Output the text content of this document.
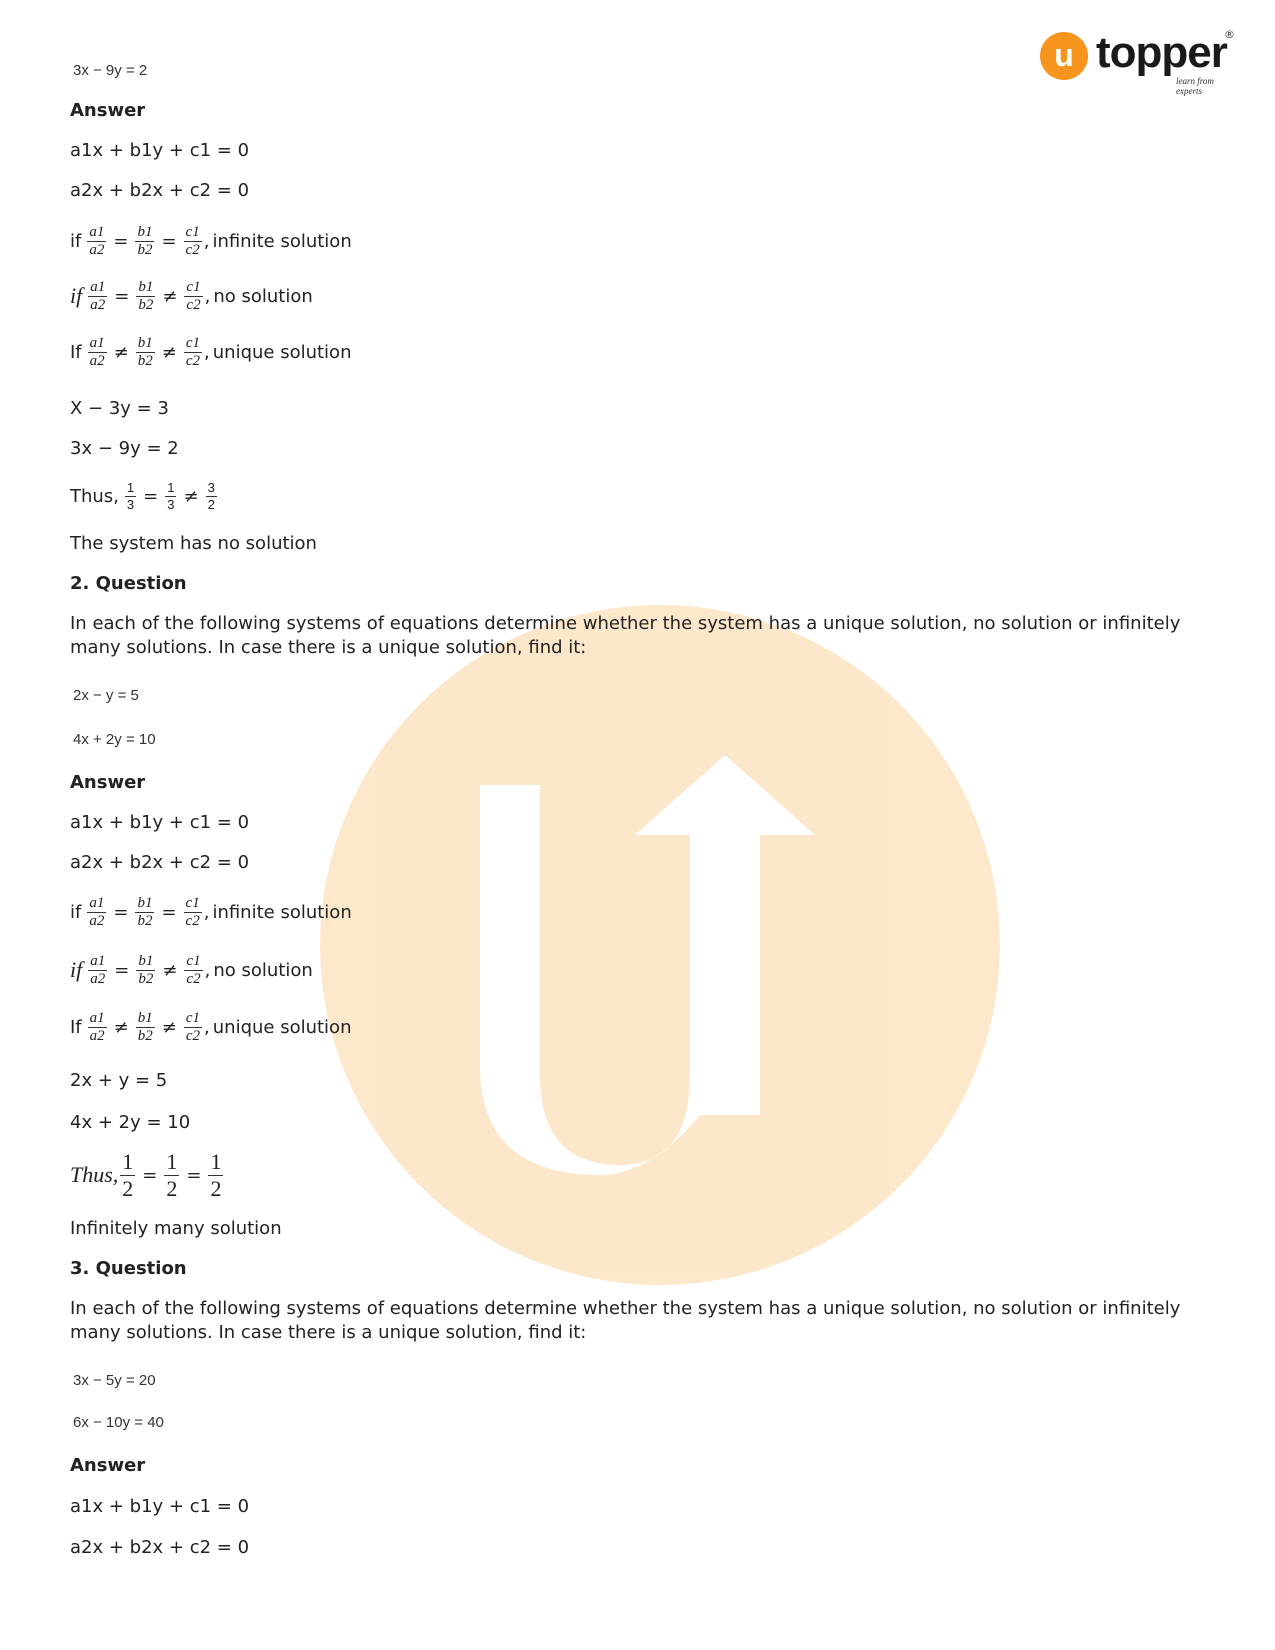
u topper
learn from experts
®
3x − 9y = 2
Answer
a1x + b1y + c1 = 0
a2x + b2x + c2 = 0
if $\frac{a1}{a2} = \frac{b1}{b2} = \frac{c1}{c2}$ , infinite solution
if $\frac{a1}{a2} = \frac{b1}{b2} \ne \frac{c1}{c2}$ , no solution
If $\frac{a1}{a2} \ne \frac{b1}{b2} \ne \frac{c1}{c2}$ , unique solution
X − 3y = 3
3x − 9y = 2
Thus, $\frac{1}{3} = \frac{1}{3} \ne \frac{3}{2}$
The system has no solution
2. Question
In each of the following systems of equations determine whether the system has a unique solution, no solution or infinitely many solutions. In case there is a unique solution, find it:
2x − y = 5
4x + 2y = 10
Answer
a1x + b1y + c1 = 0
a2x + b2x + c2 = 0
if $\frac{a1}{a2} = \frac{b1}{b2} = \frac{c1}{c2}$ , infinite solution
if $\frac{a1}{a2} = \frac{b1}{b2} \ne \frac{c1}{c2}$ , no solution
If $\frac{a1}{a2} \ne \frac{b1}{b2} \ne \frac{c1}{c2}$ , unique solution
2x + y = 5
4x + 2y = 10
Thus, $\frac{1}{2} = \frac{1}{2} = \frac{1}{2}$
Infinitely many solution
3. Question
In each of the following systems of equations determine whether the system has a unique solution, no solution or infinitely many solutions. In case there is a unique solution, find it:
3x − 5y = 20
6x − 10y = 40
Answer
a1x + b1y + c1 = 0
a2x + b2x + c2 = 0
